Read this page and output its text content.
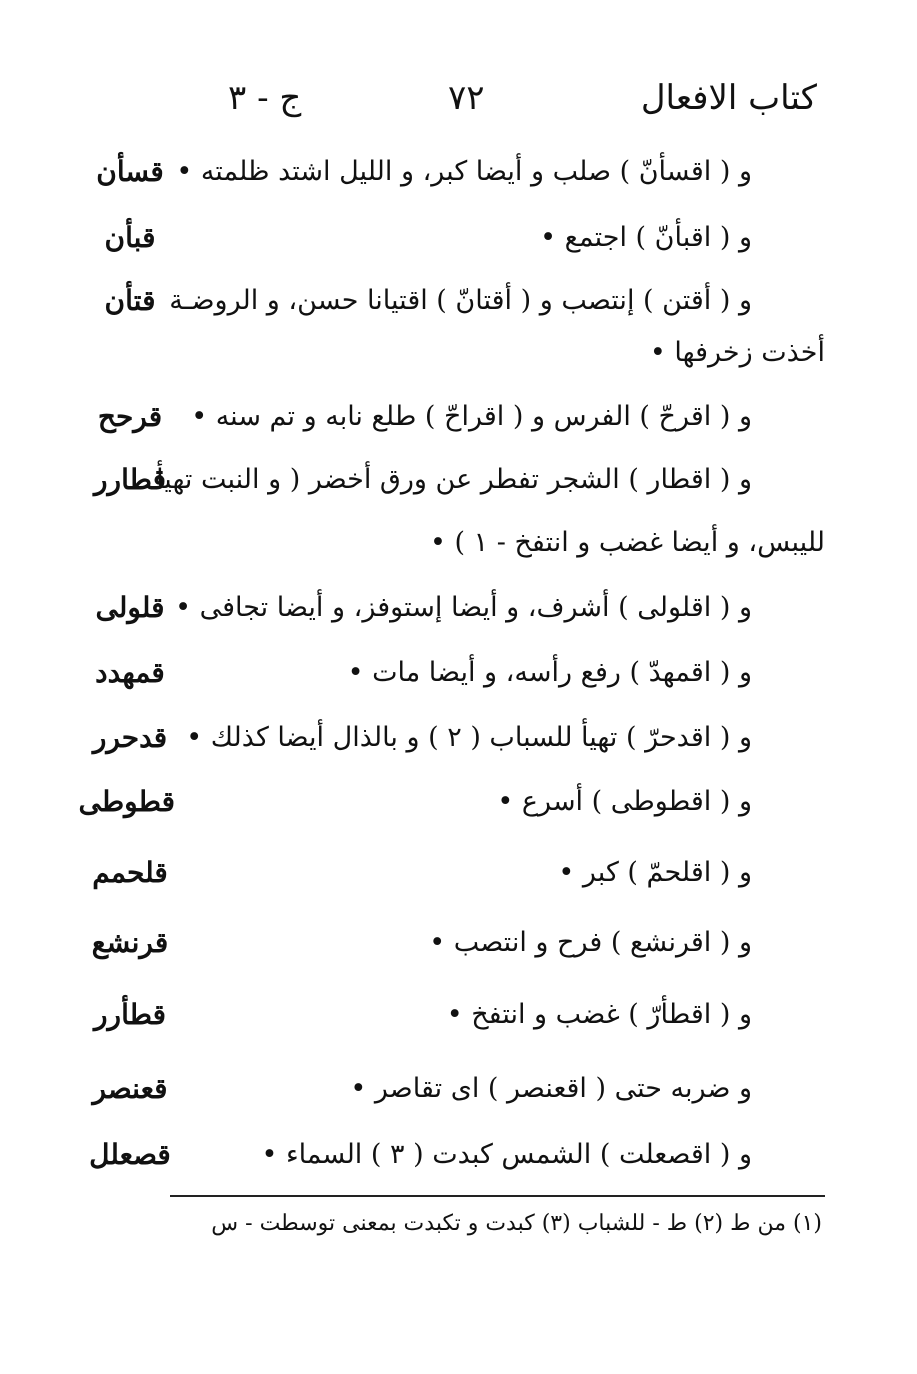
كتاب الافعال
٧٢
ج - ٣
قسأن و ( اقسأنّ ) صلب و أيضا كبر، و الليل اشتد ظلمته •
قبأن	و ( اقبأنّ ) اجتمع •
قتأن و ( أقتن ) إنتصب و ( أقتانّ ) اقتيانا حسن، و الروضـة
أخذت زخرفها •
قرحح	و ( اقرحّ ) الفرس و ( اقراحّ ) طلع نابه و تم سنه •
قطارر
و ( اقطار ) الشجر تفطر عن ورق أخضر ( و النبت تهيأ
لليبس، و أيضا غضب و انتفخ - ١ ) •
قلولى و ( اقلولى ) أشرف، و أيضا إستوفز، و أيضا تجافى •
قمهدد	و ( اقمهدّ ) رفع رأسه، و أيضا مات •
قدحرر و ( اقدحرّ ) تهيأ للسباب ( ٢ ) و بالذال أيضا كذلك •
قطوطى	و ( اقطوطى ) أسرع •
قلحمم	و ( اقلحمّ ) كبر •
قرنشع	و ( اقرنشع ) فرح و انتصب •
قطأرر	و ( اقطأرّ ) غضب و انتفخ •
قعنصر	و ضربه حتى ( اقعنصر ) اى تقاصر •
قصعلل	و ( اقصعلت ) الشمس كبدت ( ٣ ) السماء •
(١) من ط (٢) ط - للشباب (٣) كبدت و تكبدت بمعنى توسطت - س
